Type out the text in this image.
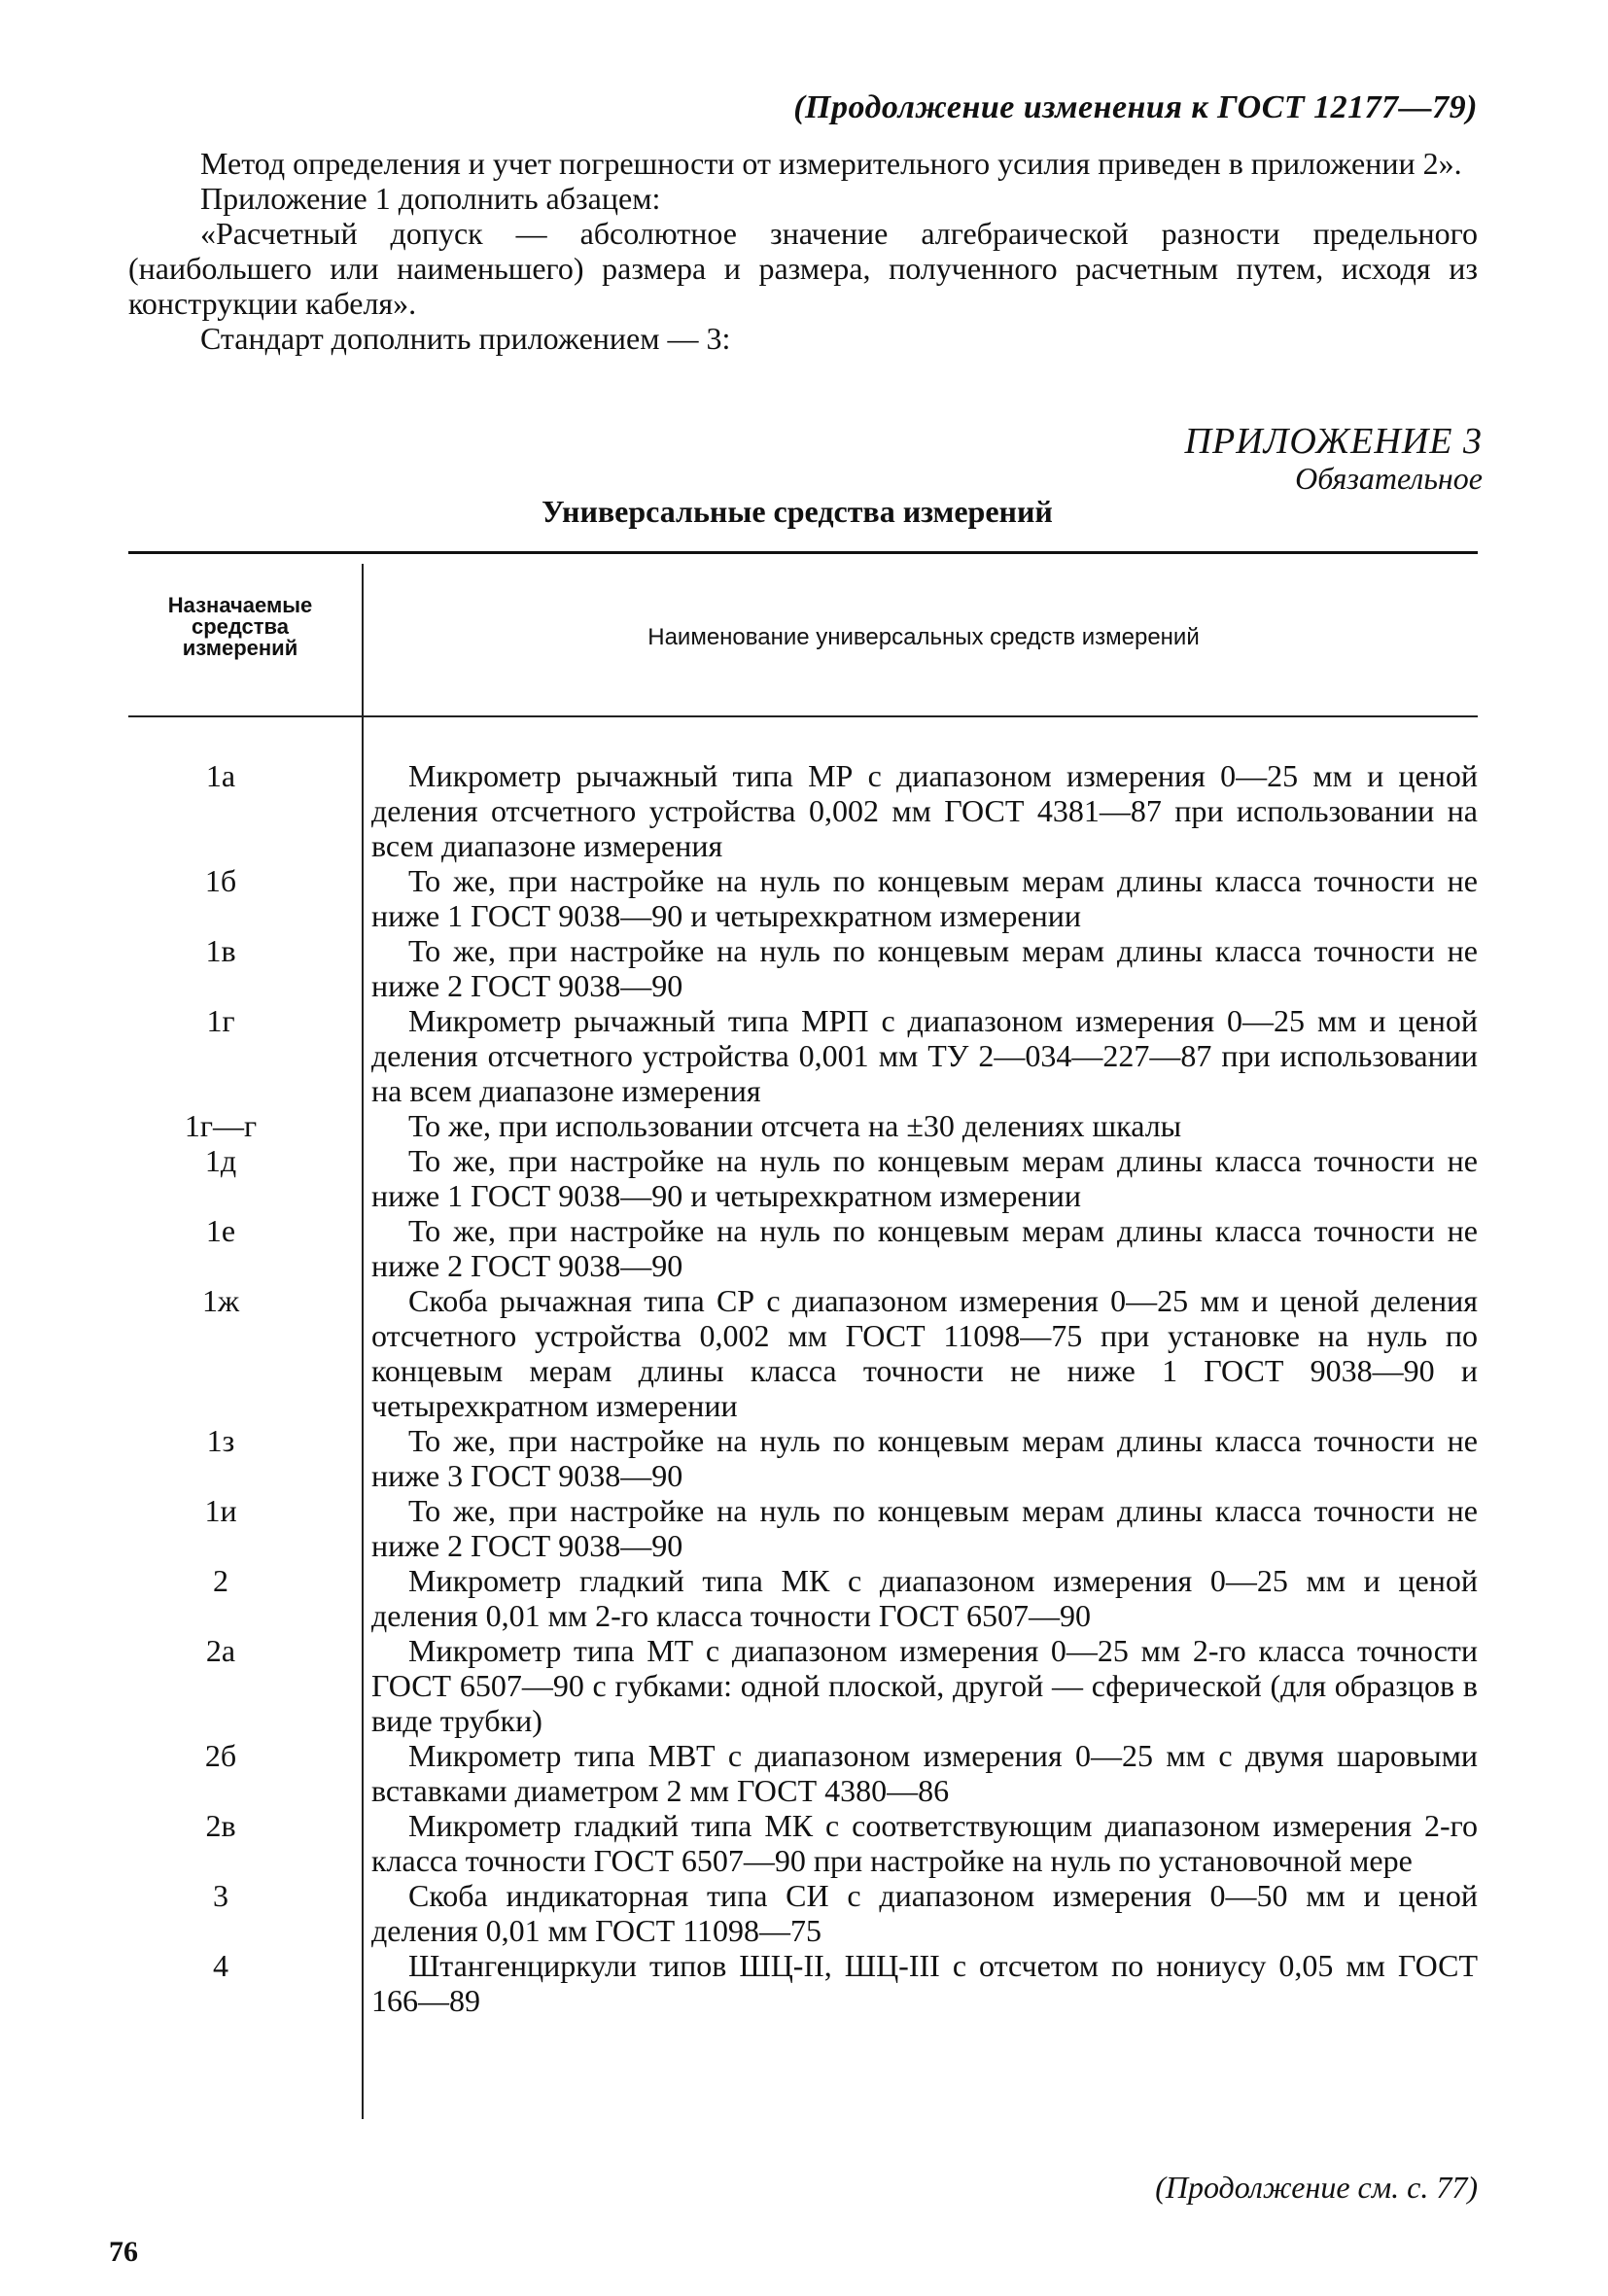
(Продолжение изменения к ГОСТ 12177—79)

Метод определения и учет погрешности от измерительного усилия приведен в приложении 2».

Приложение 1 дополнить абзацем:

«Расчетный допуск — абсолютное значение алгебраической разности предельного (наибольшего или наименьшего) размера и размера, полученного расчетным путем, исходя из конструкции кабеля».

Стандарт дополнить приложением — 3:

ПРИЛОЖЕНИЕ 3
Обязательное
Универсальные средства измерений
Назначаемые
средства
измерений	Наименование универсальных средств измерений
1а	Микрометр рычажный типа МР с диапазоном измерения 0—25 мм и ценой деления отсчетного устройства 0,002 мм ГОСТ 4381—87 при использовании на всем диапазоне измерения
1б	То же, при настройке на нуль по концевым мерам длины класса точности не ниже 1 ГОСТ 9038—90 и четырехкратном измерении
1в	То же, при настройке на нуль по концевым мерам длины класса точности не ниже 2 ГОСТ 9038—90
1г	Микрометр рычажный типа МРП с диапазоном измерения 0—25 мм и ценой деления отсчетного устройства 0,001 мм ТУ 2—034—227—87 при использовании на всем диапазоне измерения
1г—г	То же, при использовании отсчета на ±30 делениях шкалы
1д	То же, при настройке на нуль по концевым мерам длины класса точности не ниже 1 ГОСТ 9038—90 и четырехкратном измерении
1е	То же, при настройке на нуль по концевым мерам длины класса точности не ниже 2 ГОСТ 9038—90
1ж	Скоба рычажная типа СР с диапазоном измерения 0—25 мм и ценой деления отсчетного устройства 0,002 мм ГОСТ 11098—75 при установке на нуль по концевым мерам длины класса точности не ниже 1 ГОСТ 9038—90 и четырехкратном измерении
1з	То же, при настройке на нуль по концевым мерам длины класса точности не ниже 3 ГОСТ 9038—90
1и	То же, при настройке на нуль по концевым мерам длины класса точности не ниже 2 ГОСТ 9038—90
2	Микрометр гладкий типа МК с диапазоном измерения 0—25 мм и ценой деления 0,01 мм 2-го класса точности ГОСТ 6507—90
2а	Микрометр типа МТ с диапазоном измерения 0—25 мм 2-го класса точности ГОСТ 6507—90 с губками: одной плоской, другой — сферической (для образцов в виде трубки)
2б	Микрометр типа МВТ с диапазоном измерения 0—25 мм с двумя шаровыми вставками диаметром 2 мм ГОСТ 4380—86
2в	Микрометр гладкий типа МК с соответствующим диапазоном измерения 2-го класса точности ГОСТ 6507—90 при настройке на нуль по установочной мере
3	Скоба индикаторная типа СИ с диапазоном измерения 0—50 мм и ценой деления 0,01 мм ГОСТ 11098—75
4	Штангенциркули типов ШЦ-II, ШЦ-III с отсчетом по нониусу 0,05 мм ГОСТ 166—89
(Продолжение см. с. 77)
76
